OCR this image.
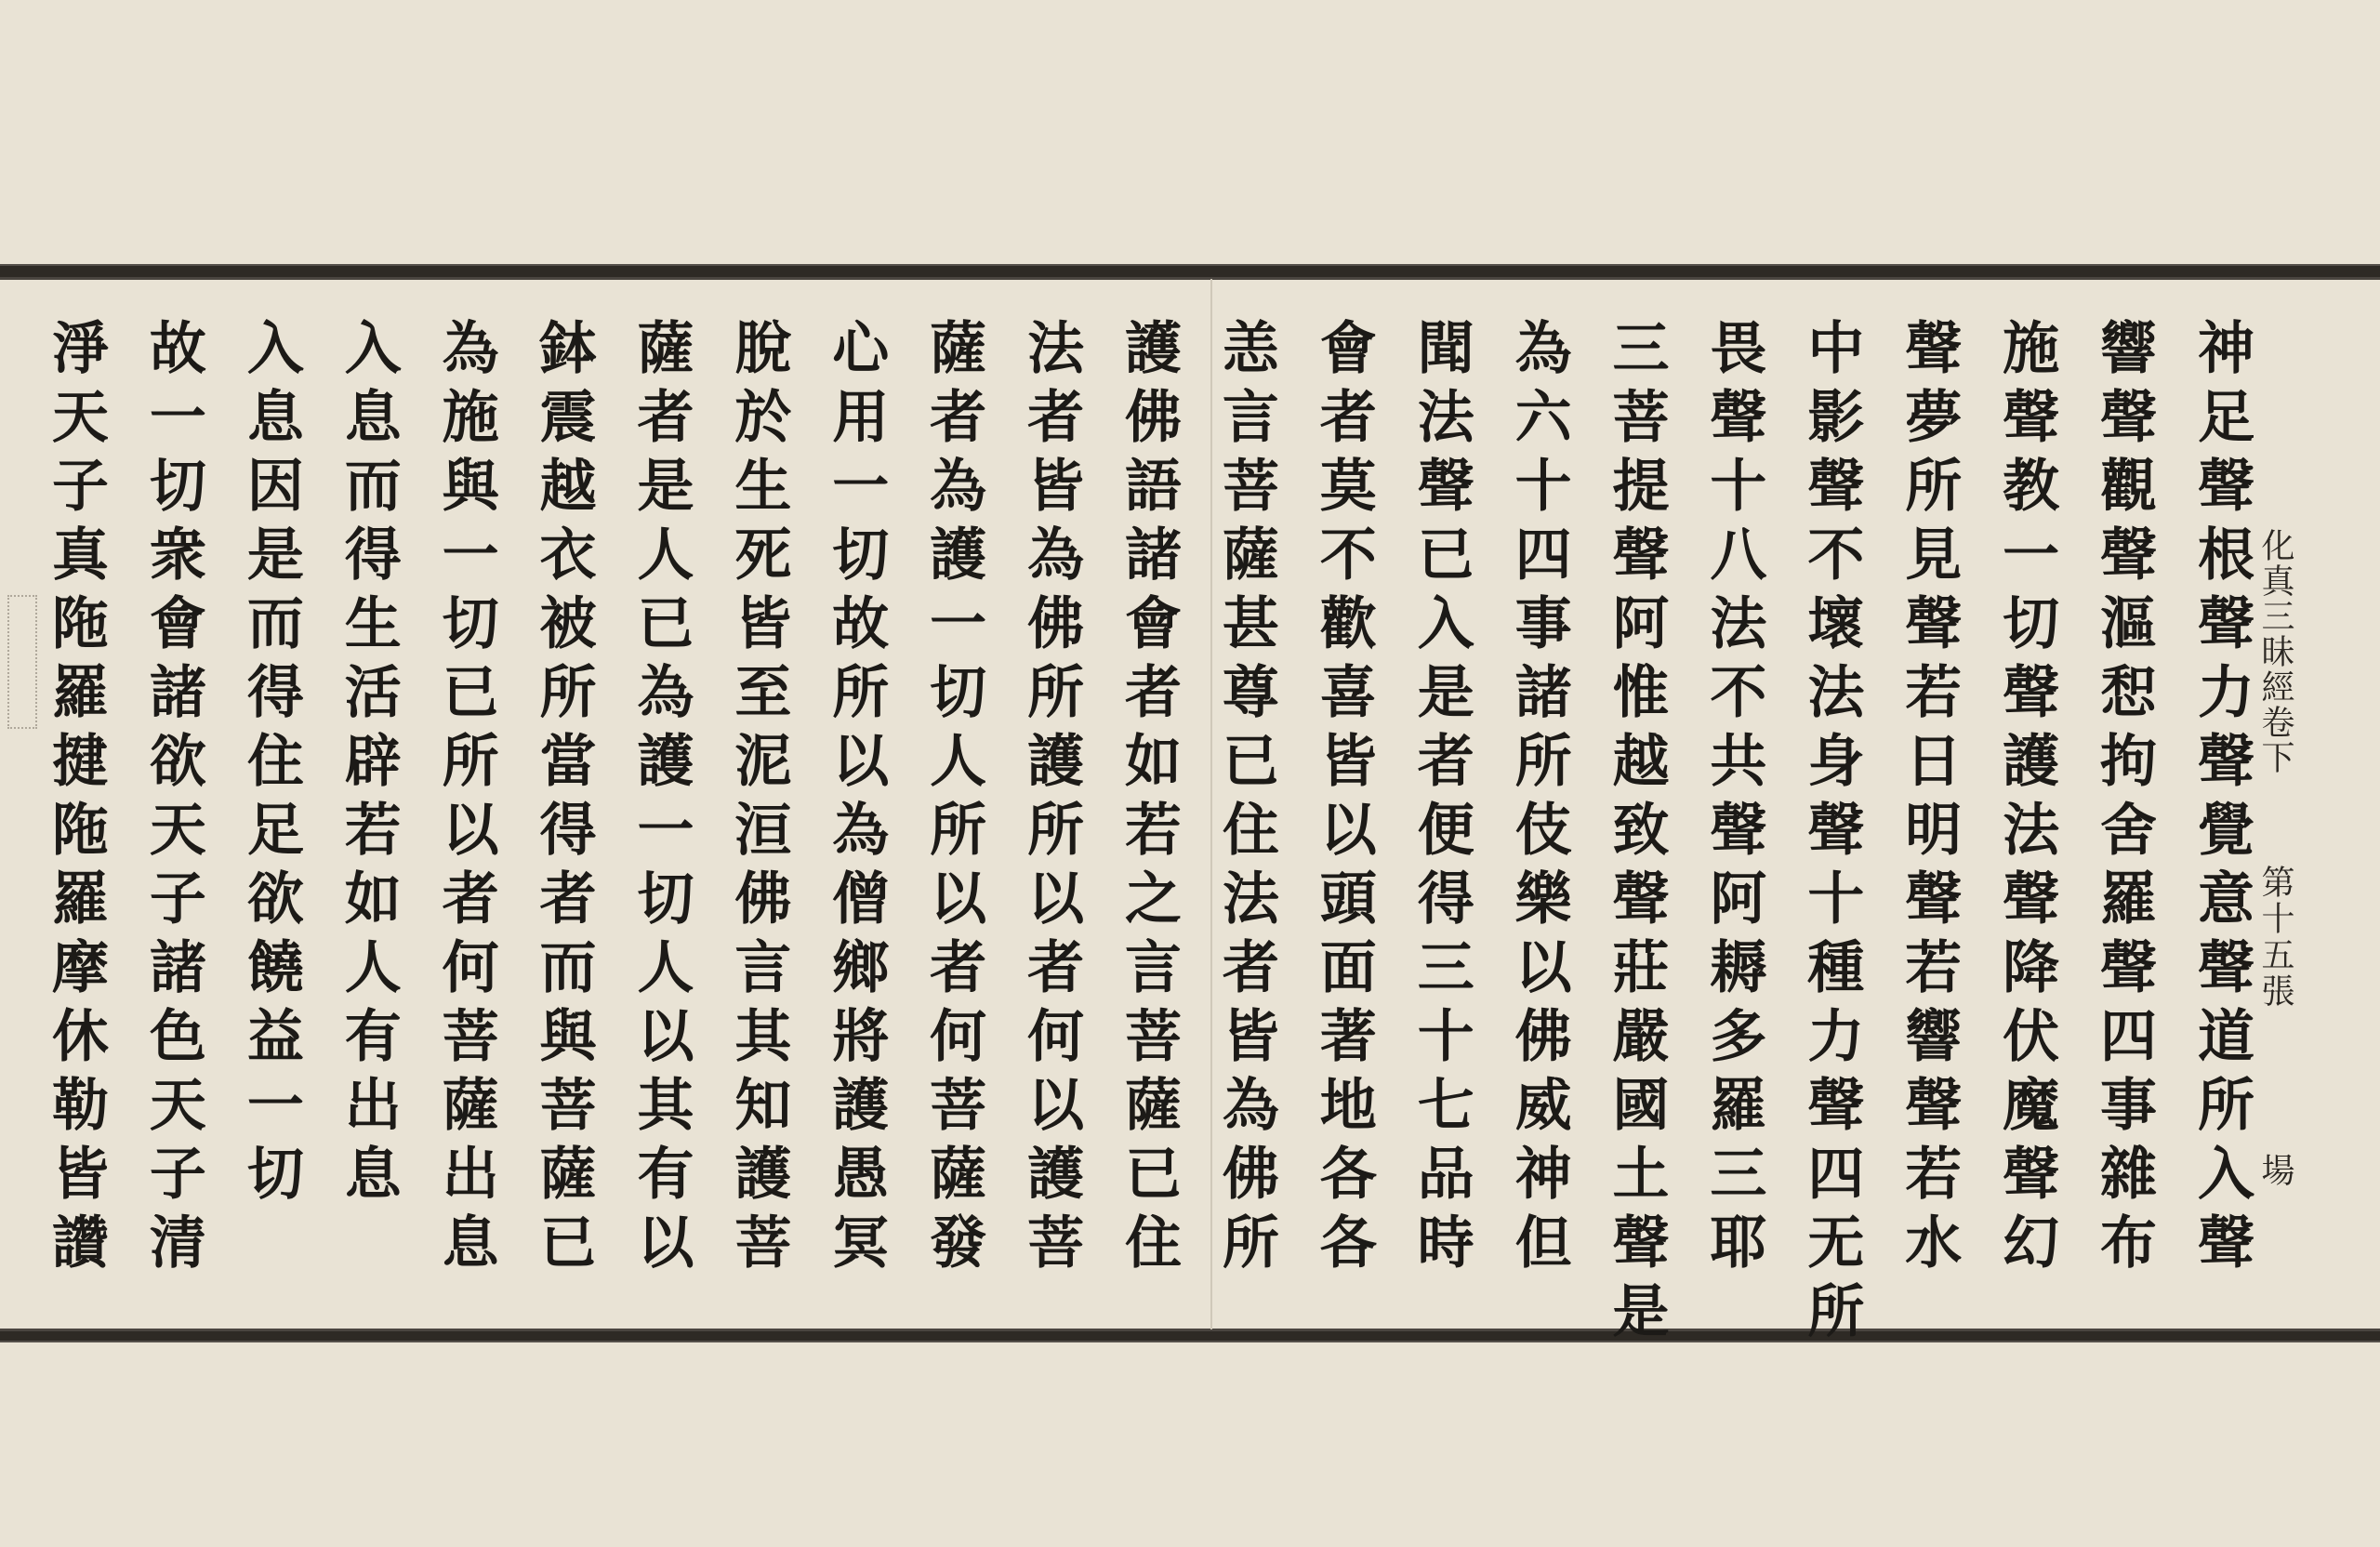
化真三昧經卷下
第十五張
場
神足聲根聲力聲覺意聲道所入聲
響聲觀聲漚惒拘舍羅聲四事雜布
施聲教一切聲護法聲降伏魔聲幻
聲夢所見聲若日明聲若響聲若水
中影聲不壞法身聲十種力聲四无所
畏聲十八法不共聲阿耨多羅三耶
三菩提聲阿惟越致聲莊嚴國土聲是
為六十四事諸所伎樂以佛威神但
聞法聲已入是者便得三十七品時
會者莫不歡喜皆以頭面著地各各
恙言菩薩甚尊已住法者皆為佛所
護佛語諸會者如若之言菩薩已住
法者皆為佛所護所以者何以護菩
薩者為護一切人所以者何菩薩發
心用一切故所以為僧鄉將護愚冥
脫於生死皆至泥洹佛言其知護菩
薩者是人已為護一切人以其有以
鉢震越衣被所當得者而與菩薩已
為施與一切已所以者何菩薩出息
入息而得生活辟若如人有出息
入息因是而得住足欲饒益一切
故一切衆會諸欲天子諸色天子清
淨天子真陁羅揵陁羅摩休勒皆讚
